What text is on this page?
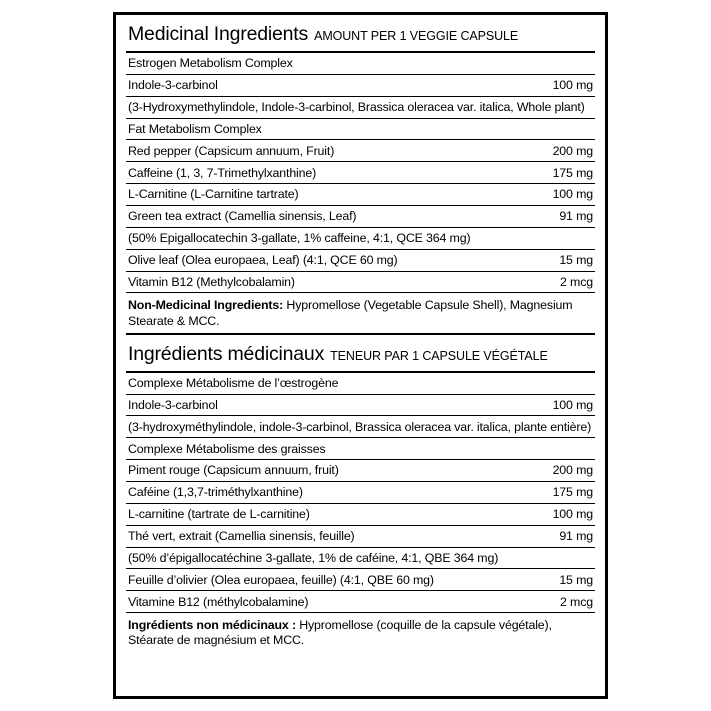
Medicinal Ingredients AMOUNT PER 1 VEGGIE CAPSULE
Estrogen Metabolism Complex
Indole-3-carbinol	100 mg
(3-Hydroxymethylindole, Indole-3-carbinol, Brassica oleracea var. italica, Whole plant)
Fat Metabolism Complex
Red pepper (Capsicum annuum, Fruit)	200 mg
Caffeine (1, 3, 7-Trimethylxanthine)	175 mg
L-Carnitine (L-Carnitine tartrate)	100 mg
Green tea extract (Camellia sinensis, Leaf)	91 mg
(50% Epigallocatechin 3-gallate, 1% caffeine, 4:1, QCE 364 mg)
Olive leaf (Olea europaea, Leaf) (4:1, QCE 60 mg)	15 mg
Vitamin B12 (Methylcobalamin)	2 mcg
Non-Medicinal Ingredients: Hypromellose (Vegetable Capsule Shell), Magnesium Stearate & MCC.
Ingrédients médicinaux TENEUR PAR 1 CAPSULE VÉGÉTALE
Complexe Métabolisme de l’œstrogène
Indole-3-carbinol	100 mg
(3-hydroxyméthylindole, indole-3-carbinol, Brassica oleracea var. italica, plante entière)
Complexe Métabolisme des graisses
Piment rouge (Capsicum annuum, fruit)	200 mg
Caféine (1,3,7-triméthylxanthine)	175 mg
L-carnitine (tartrate de L-carnitine)	100 mg
Thé vert, extrait (Camellia sinensis, feuille)	91 mg
(50% d’épigallocatéchine 3-gallate, 1% de caféine, 4:1, QBE 364 mg)
Feuille d’olivier (Olea europaea, feuille) (4:1, QBE 60 mg)	15 mg
Vitamine B12 (méthylcobalamine)	2 mcg
Ingrédients non médicinaux : Hypromellose (coquille de la capsule végétale), Stéarate de magnésium et MCC.
